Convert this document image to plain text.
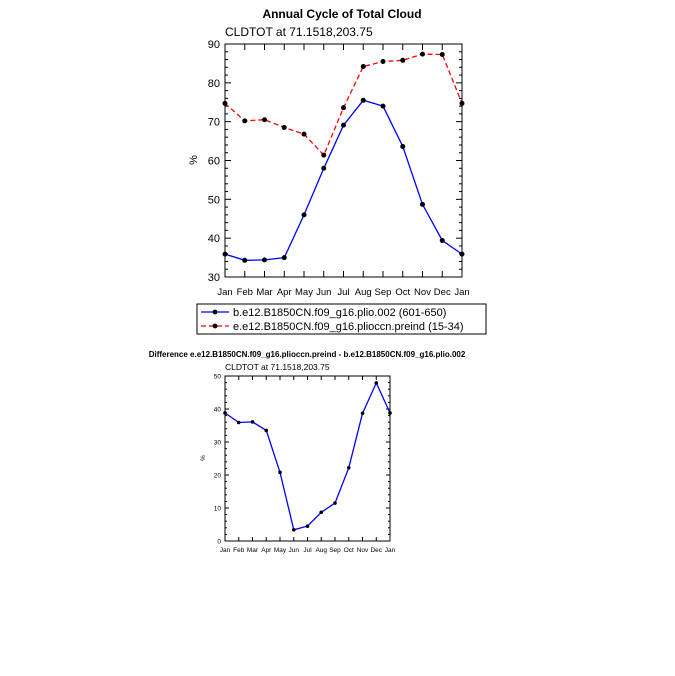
Annual Cycle of Total Cloud
CLDTOT at 71.1518,203.75
%
30
40
50
60
70
80
90
Jan Feb Mar Apr May Jun Jul Aug Sep Oct Nov Dec Jan
b.e12.B1850CN.f09_g16.plio.002 (601-650)
e.e12.B1850CN.f09_g16.plioccn.preind (15-34)
Difference e.e12.B1850CN.f09_g16.plioccn.preind - b.e12.B1850CN.f09_g16.plio.002
CLDTOT at 71.1518,203.75
%
0
10
20
30
40
50
Jan Feb Mar Apr May Jun Jul Aug Sep Oct Nov Dec Jan
